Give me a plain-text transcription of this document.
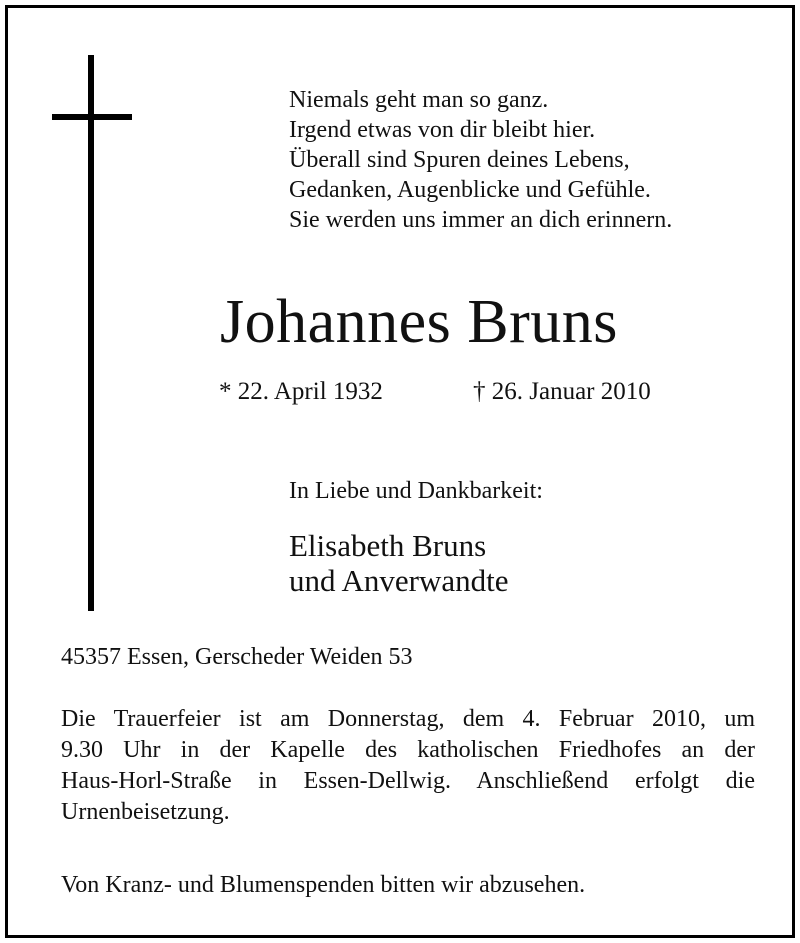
Niemals geht man so ganz.
Irgend etwas von dir bleibt hier.
Überall sind Spuren deines Lebens,
Gedanken, Augenblicke und Gefühle.
Sie werden uns immer an dich erinnern.
Johannes Bruns
* 22. April 1932	† 26. Januar 2010
In Liebe und Dankbarkeit:
Elisabeth Bruns
und Anverwandte
45357 Essen, Gerscheder Weiden 53
Die Trauerfeier ist am Donnerstag, dem 4. Februar 2010, um
9.30 Uhr in der Kapelle des katholischen Friedhofes an der
Haus-Horl-Straße in Essen-Dellwig. Anschließend erfolgt die
Urnenbeisetzung.
Von Kranz- und Blumenspenden bitten wir abzusehen.
